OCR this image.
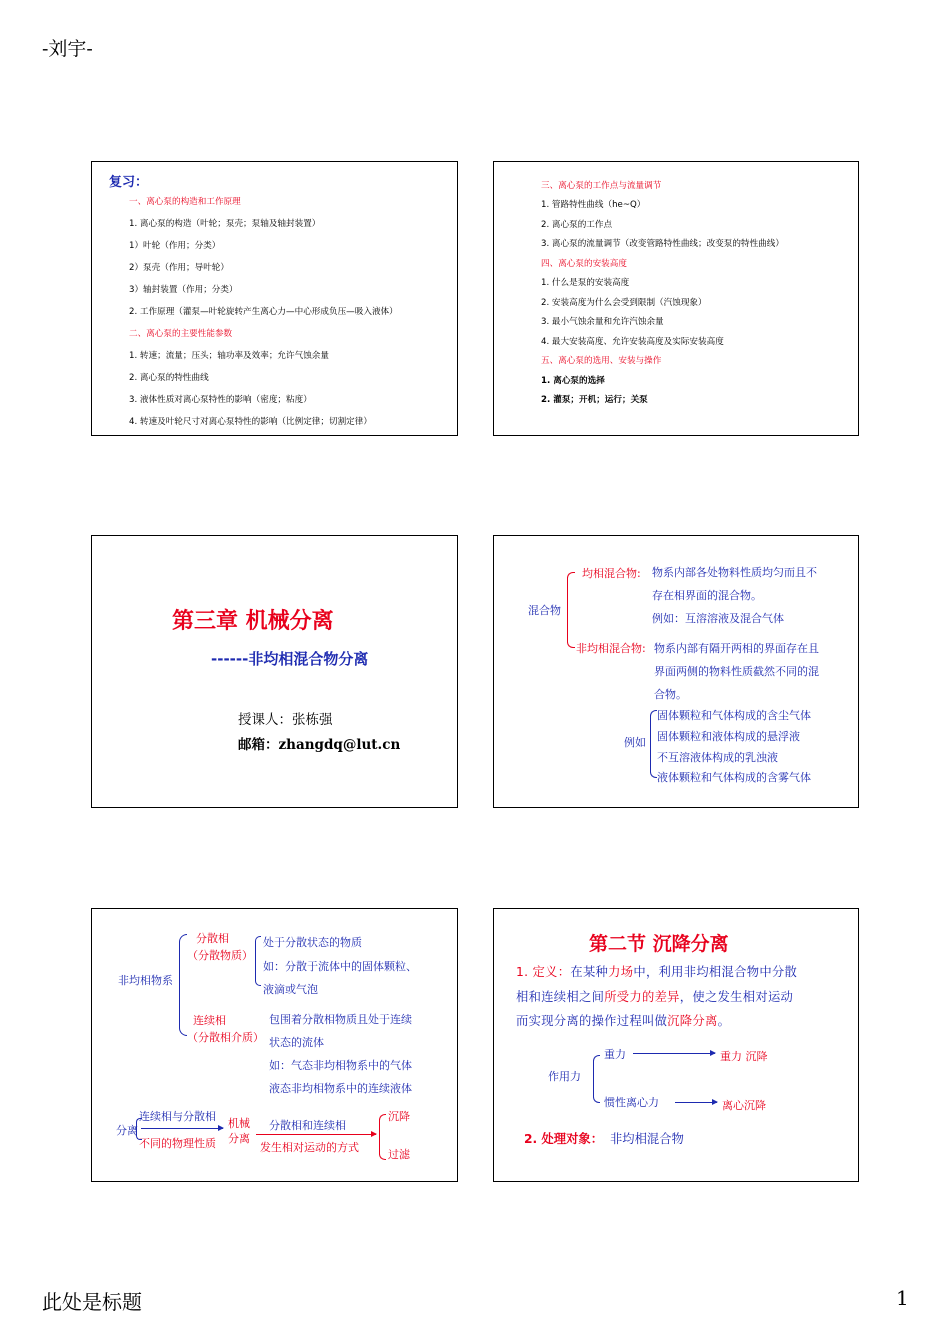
-刘宇-
此处是标题	1
复习：
一、离心泵的构造和工作原理
1. 离心泵的构造（叶轮；泵壳；泵轴及轴封装置）
1）叶轮（作用；分类）
2）泵壳（作用；导叶轮）
3）轴封装置（作用；分类）
2. 工作原理（灌泵—叶轮旋转产生离心力—中心形成负压—吸入液体）
二、离心泵的主要性能参数
1. 转速；流量；压头；轴功率及效率；允许气蚀余量
2. 离心泵的特性曲线
3. 液体性质对离心泵特性的影响（密度；粘度）
4. 转速及叶轮尺寸对离心泵特性的影响（比例定律；切割定律）
三、离心泵的工作点与流量调节
1. 管路特性曲线（he~Q）
2. 离心泵的工作点
3. 离心泵的流量调节（改变管路特性曲线；改变泵的特性曲线）
四、离心泵的安装高度
1. 什么是泵的安装高度
2. 安装高度为什么会受到限制（汽蚀现象）
3. 最小气蚀余量和允许汽蚀余量
4. 最大安装高度、允许安装高度及实际安装高度
五、离心泵的选用、安装与操作
1. 离心泵的选择
2. 灌泵；开机；运行；关泵
第三章 机械分离
------非均相混合物分离
授课人：张栋强
邮箱：zhangdq@lut.cn
混合物
均相混合物: 物系内部各处物料性质均匀而且不
存在相界面的混合物。
例如：互溶溶液及混合气体
非均相混合物: 物系内部有隔开两相的界面存在且
界面两侧的物料性质截然不同的混
合物。
例如
固体颗粒和气体构成的含尘气体
固体颗粒和液体构成的悬浮液
不互溶液体构成的乳浊液
液体颗粒和气体构成的含雾气体
非均相物系
分散相
（分散物质）
处于分散状态的物质
如：分散于流体中的固体颗粒、
液滴或气泡
连续相
（分散相介质）
包围着分散相物质且处于连续
状态的流体
如：气态非均相物系中的气体
液态非均相物系中的连续液体
分离
连续相与分散相
不同的物理性质
机械
分离
分散相和连续相
发生相对运动的方式
沉降
过滤
第二节 沉降分离
1. 定义：在某种力场中，利用非均相混合物中分散
相和连续相之间所受力的差异，使之发生相对运动
而实现分离的操作过程叫做沉降分离。
作用力
重力	重力 沉降
惯性离心力	离心沉降
2. 处理对象： 非均相混合物
